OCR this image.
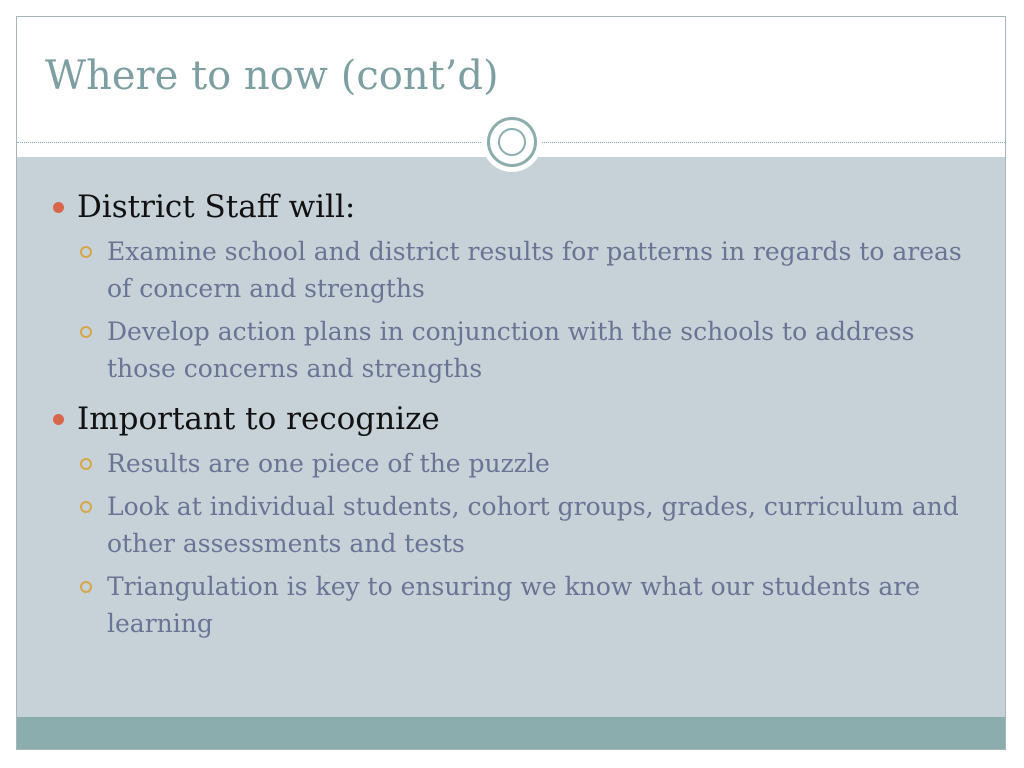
Where to now (cont’d)
District Staff will:
Examine school and district results for patterns in regards to areas of concern and strengths
Develop action plans in conjunction with the schools to address those concerns and strengths
Important to recognize
Results are one piece of the puzzle
Look at individual students, cohort groups, grades, curriculum and other assessments and tests
Triangulation is key to ensuring we know what our students are learning
